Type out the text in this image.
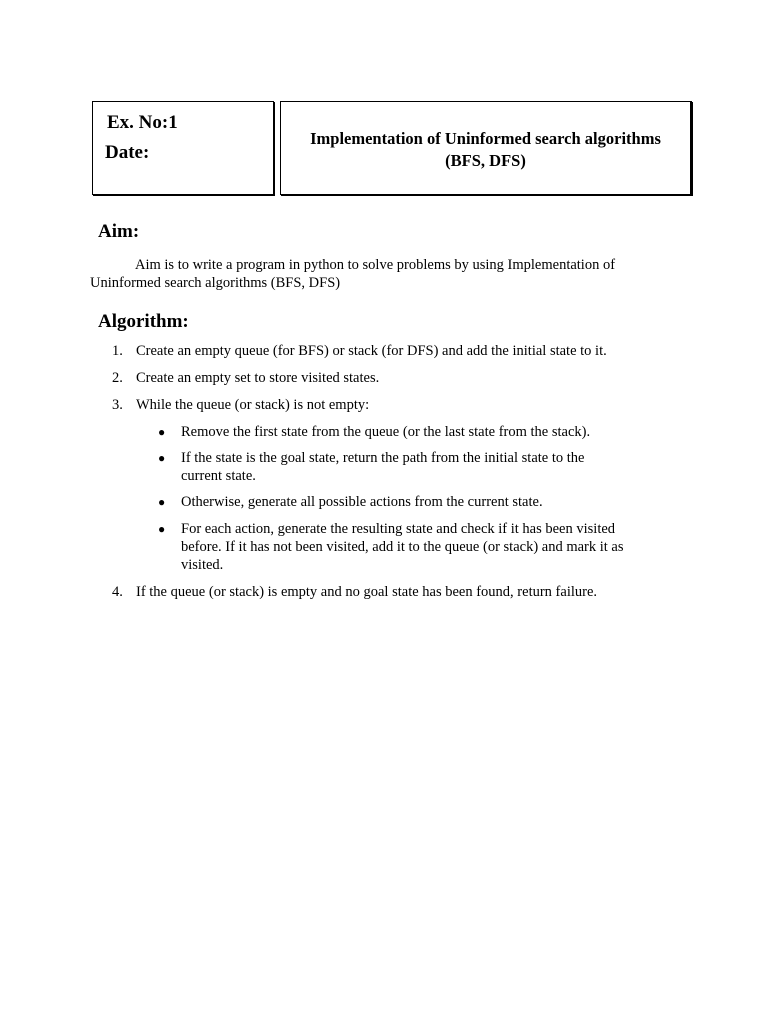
Ex. No:1
Date:
Implementation of Uninformed search algorithms
(BFS, DFS)
Aim:
Aim is to write a program in python to solve problems by using Implementation of
Uninformed search algorithms (BFS, DFS)
Algorithm:
1. Create an empty queue (for BFS) or stack (for DFS) and add the initial state to it.
2. Create an empty set to store visited states.
3. While the queue (or stack) is not empty:
● Remove the first state from the queue (or the last state from the stack).
● If the state is the goal state, return the path from the initial state to the current state.
● Otherwise, generate all possible actions from the current state.
● For each action, generate the resulting state and check if it has been visited before. If it has not been visited, add it to the queue (or stack) and mark it as visited.
4. If the queue (or stack) is empty and no goal state has been found, return failure.
